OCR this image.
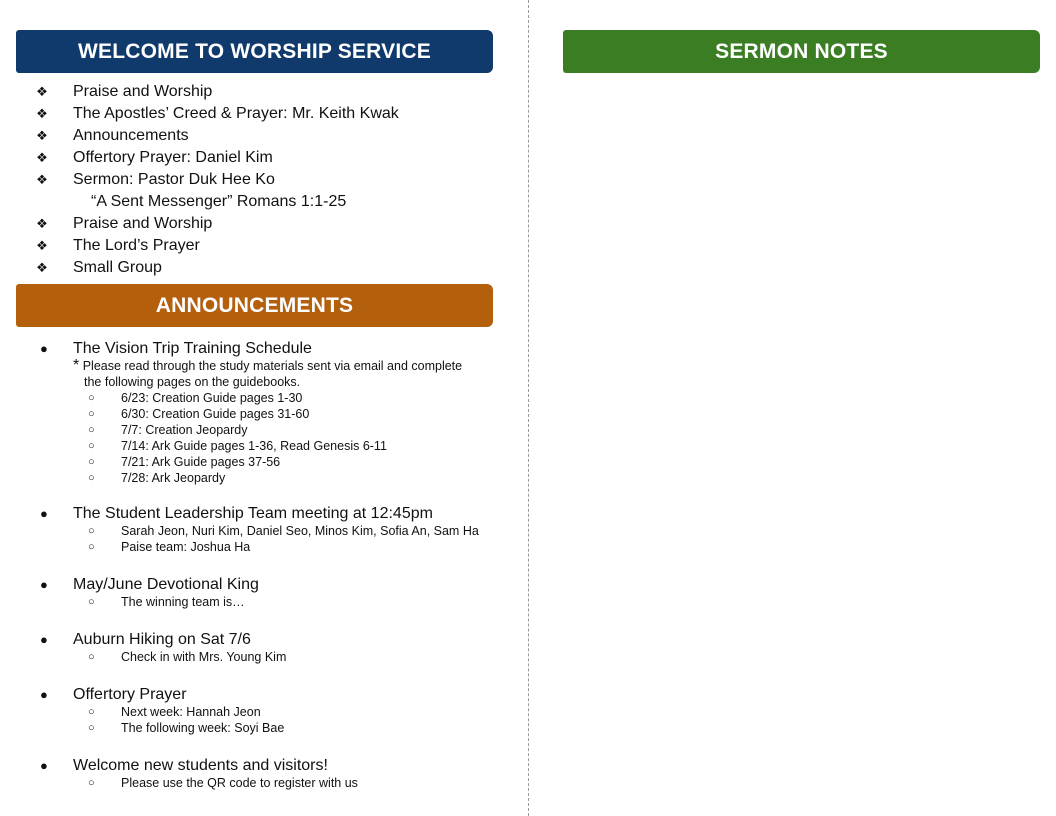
WELCOME TO WORSHIP SERVICE
❖ Praise and Worship
❖ The Apostles’ Creed & Prayer: Mr. Keith Kwak
❖ Announcements
❖ Offertory Prayer: Daniel Kim
❖ Sermon: Pastor Duk Hee Ko
“A Sent Messenger” Romans 1:1-25
❖ Praise and Worship
❖ The Lord’s Prayer
❖ Small Group
ANNOUNCEMENTS
● The Vision Trip Training Schedule
* Please read through the study materials sent via email and complete
the following pages on the guidebooks.
○ 6/23: Creation Guide pages 1-30
○ 6/30: Creation Guide pages 31-60
○ 7/7: Creation Jeopardy
○ 7/14: Ark Guide pages 1-36, Read Genesis 6-11
○ 7/21: Ark Guide pages 37-56
○ 7/28: Ark Jeopardy
● The Student Leadership Team meeting at 12:45pm
○ Sarah Jeon, Nuri Kim, Daniel Seo, Minos Kim, Sofia An, Sam Ha
○ Paise team: Joshua Ha
● May/June Devotional King
○ The winning team is…
● Auburn Hiking on Sat 7/6
○ Check in with Mrs. Young Kim
● Offertory Prayer
○ Next week: Hannah Jeon
○ The following week: Soyi Bae
● Welcome new students and visitors!
○ Please use the QR code to register with us
SERMON NOTES
